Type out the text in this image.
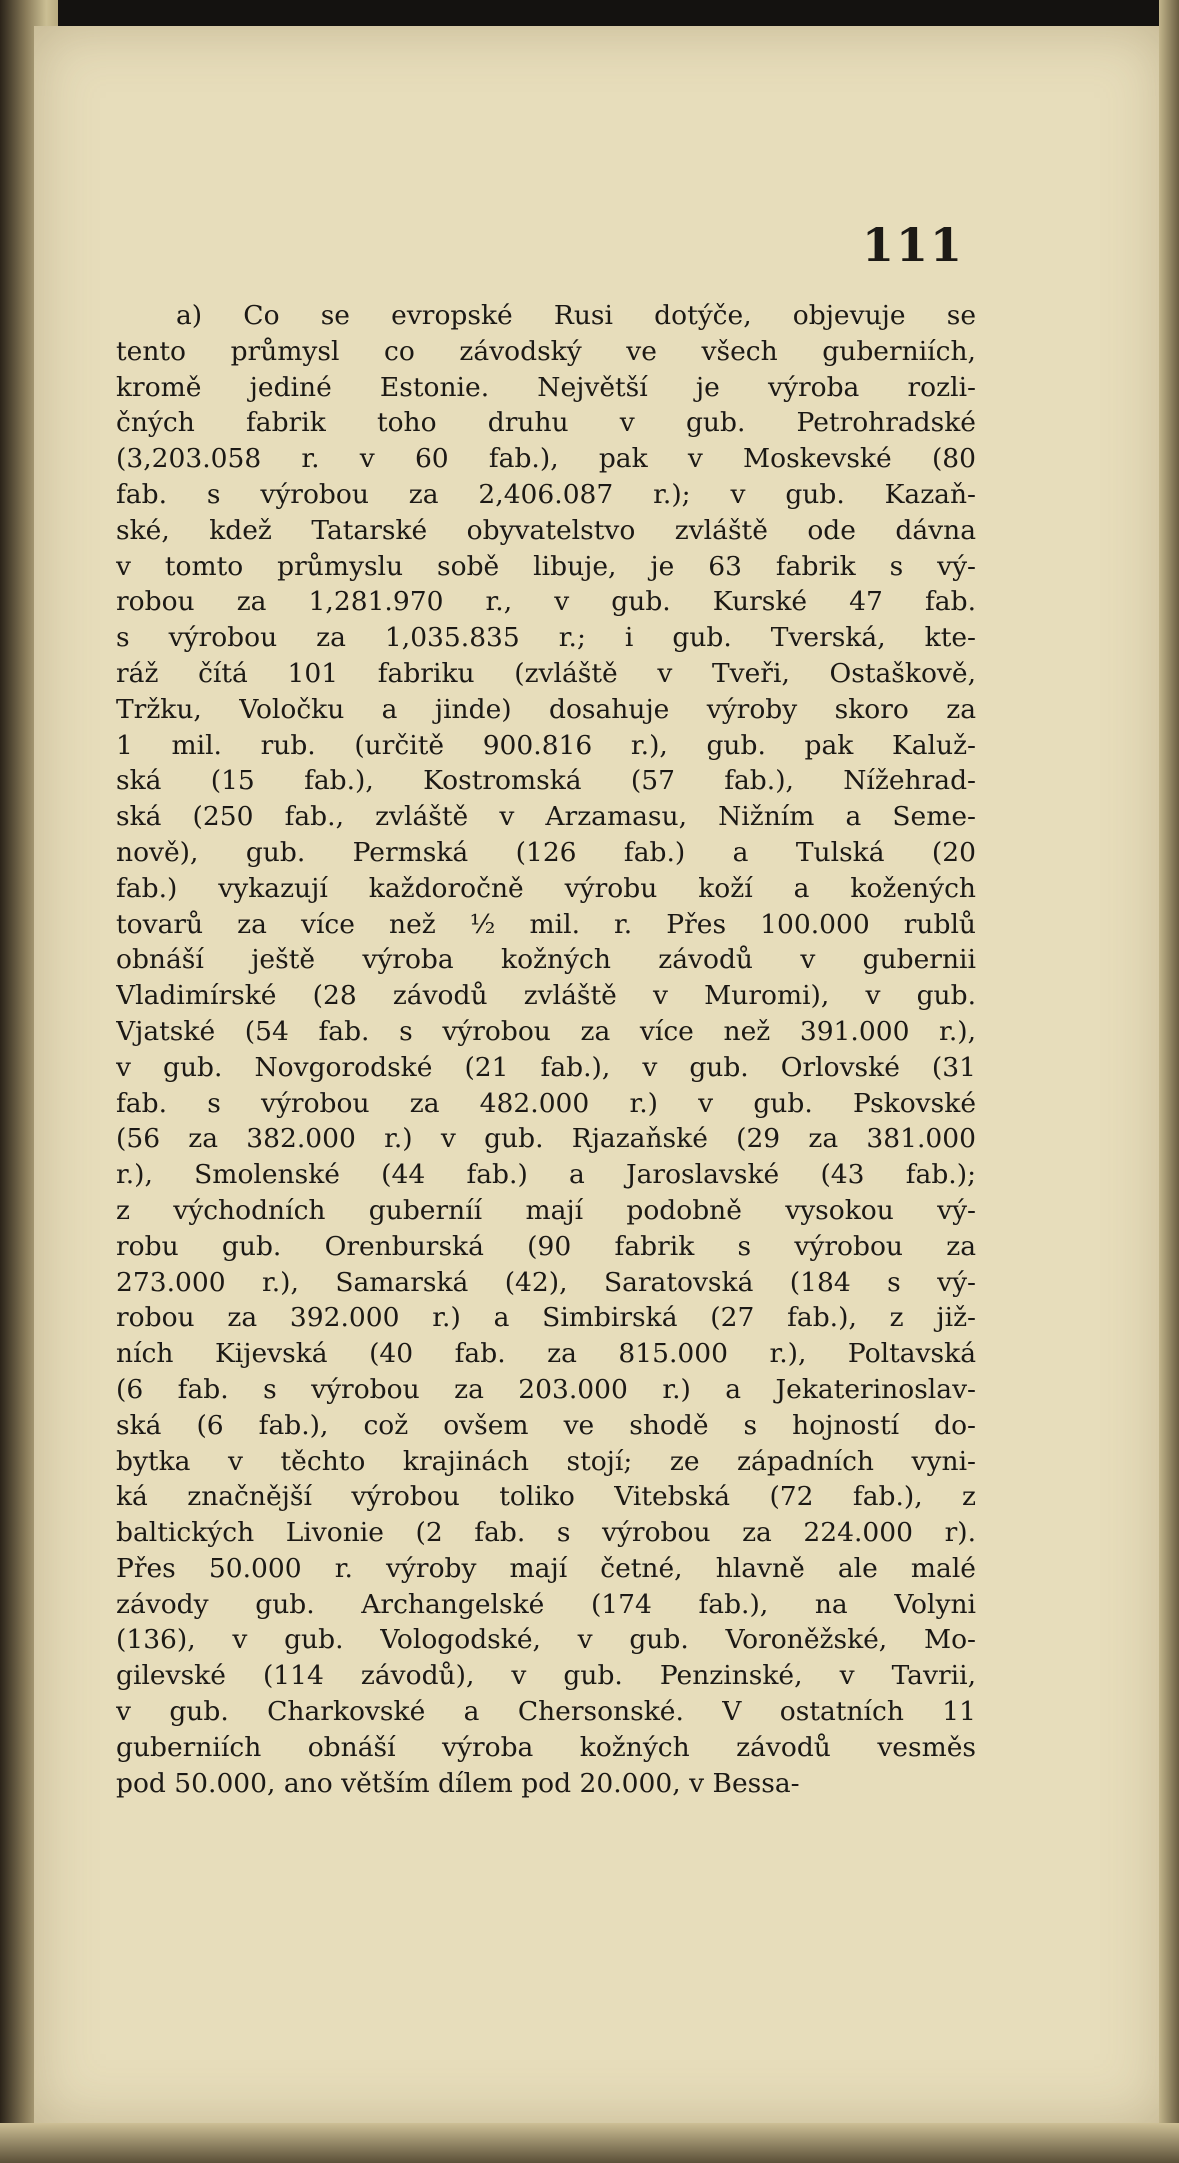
111
a) Co se evropské Rusi dotýče, objevuje se
tento průmysl co závodský ve všech guberniích,
kromě jediné Estonie. Největší je výroba rozli-
čných fabrik toho druhu v gub. Petrohradské
(3,203.058 r. v 60 fab.), pak v Moskevské (80
fab. s výrobou za 2,406.087 r.); v gub. Kazaň-
ské, kdež Tatarské obyvatelstvo zvláště ode dávna
v tomto průmyslu sobě libuje, je 63 fabrik s vý-
robou za 1,281.970 r., v gub. Kurské 47 fab.
s výrobou za 1,035.835 r.; i gub. Tverská, kte-
ráž čítá 101 fabriku (zvláště v Tveři, Ostaškově,
Tržku, Voločku a jinde) dosahuje výroby skoro za
1 mil. rub. (určitě 900.816 r.), gub. pak Kaluž-
ská (15 fab.), Kostromská (57 fab.), Nížehrad-
ská (250 fab., zvláště v Arzamasu, Nižním a Seme-
nově), gub. Permská (126 fab.) a Tulská (20
fab.) vykazují každoročně výrobu koží a kožených
tovarů za více než ½ mil. r. Přes 100.000 rublů
obnáší ještě výroba kožných závodů v gubernii
Vladimírské (28 závodů zvláště v Muromi), v gub.
Vjatské (54 fab. s výrobou za více než 391.000 r.),
v gub. Novgorodské (21 fab.), v gub. Orlovské (31
fab. s výrobou za 482.000 r.) v gub. Pskovské
(56 za 382.000 r.) v gub. Rjazaňské (29 za 381.000
r.), Smolenské (44 fab.) a Jaroslavské (43 fab.);
z východních guberníí mají podobně vysokou vý-
robu gub. Orenburská (90 fabrik s výrobou za
273.000 r.), Samarská (42), Saratovská (184 s vý-
robou za 392.000 r.) a Simbirská (27 fab.), z již-
ních Kijevská (40 fab. za 815.000 r.), Poltavská
(6 fab. s výrobou za 203.000 r.) a Jekaterinoslav-
ská (6 fab.), což ovšem ve shodě s hojností do-
bytka v těchto krajinách stojí; ze západních vyni-
ká značnější výrobou toliko Vitebská (72 fab.), z
baltických Livonie (2 fab. s výrobou za 224.000 r).
Přes 50.000 r. výroby mají četné, hlavně ale malé
závody gub. Archangelské (174 fab.), na Volyni
(136), v gub. Vologodské, v gub. Voroněžské, Mo-
gilevské (114 závodů), v gub. Penzinské, v Tavrii,
v gub. Charkovské a Chersonské. V ostatních 11
guberniích obnáší výroba kožných závodů vesměs
pod 50.000, ano větším dílem pod 20.000, v Bessa-
